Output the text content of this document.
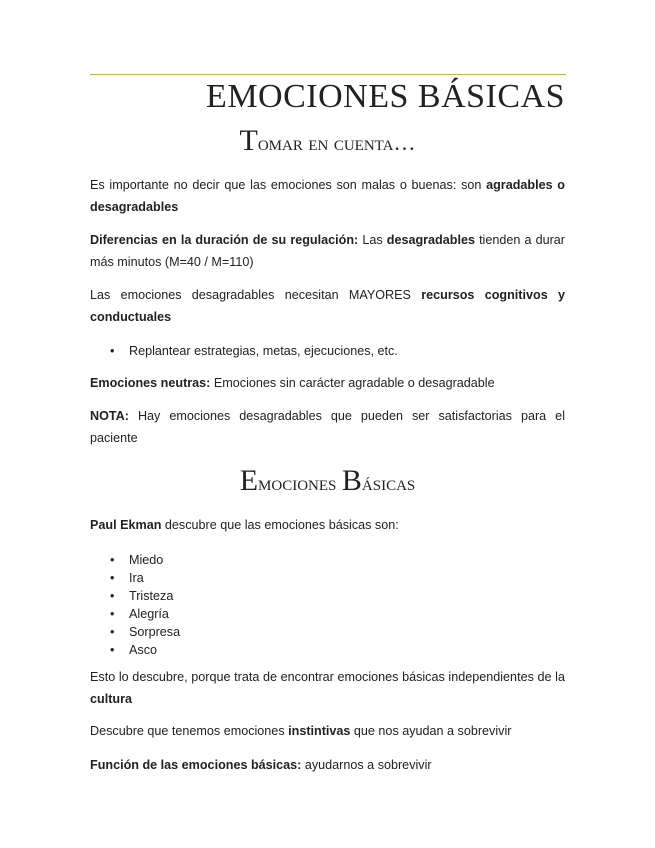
EMOCIONES BÁSICAS
Tomar en cuenta…
Es importante no decir que las emociones son malas o buenas: son agradables o desagradables
Diferencias en la duración de su regulación: Las desagradables tienden a durar más minutos (M=40 / M=110)
Las emociones desagradables necesitan MAYORES recursos cognitivos y conductuales
• Replantear estrategias, metas, ejecuciones, etc.
Emociones neutras: Emociones sin carácter agradable o desagradable
NOTA: Hay emociones desagradables que pueden ser satisfactorias para el paciente
Emociones Básicas
Paul Ekman descubre que las emociones básicas son:
• Miedo
• Ira
• Tristeza
• Alegría
• Sorpresa
• Asco
Esto lo descubre, porque trata de encontrar emociones básicas independientes de la cultura
Descubre que tenemos emociones instintivas que nos ayudan a sobrevivir
Función de las emociones básicas: ayudarnos a sobrevivir
